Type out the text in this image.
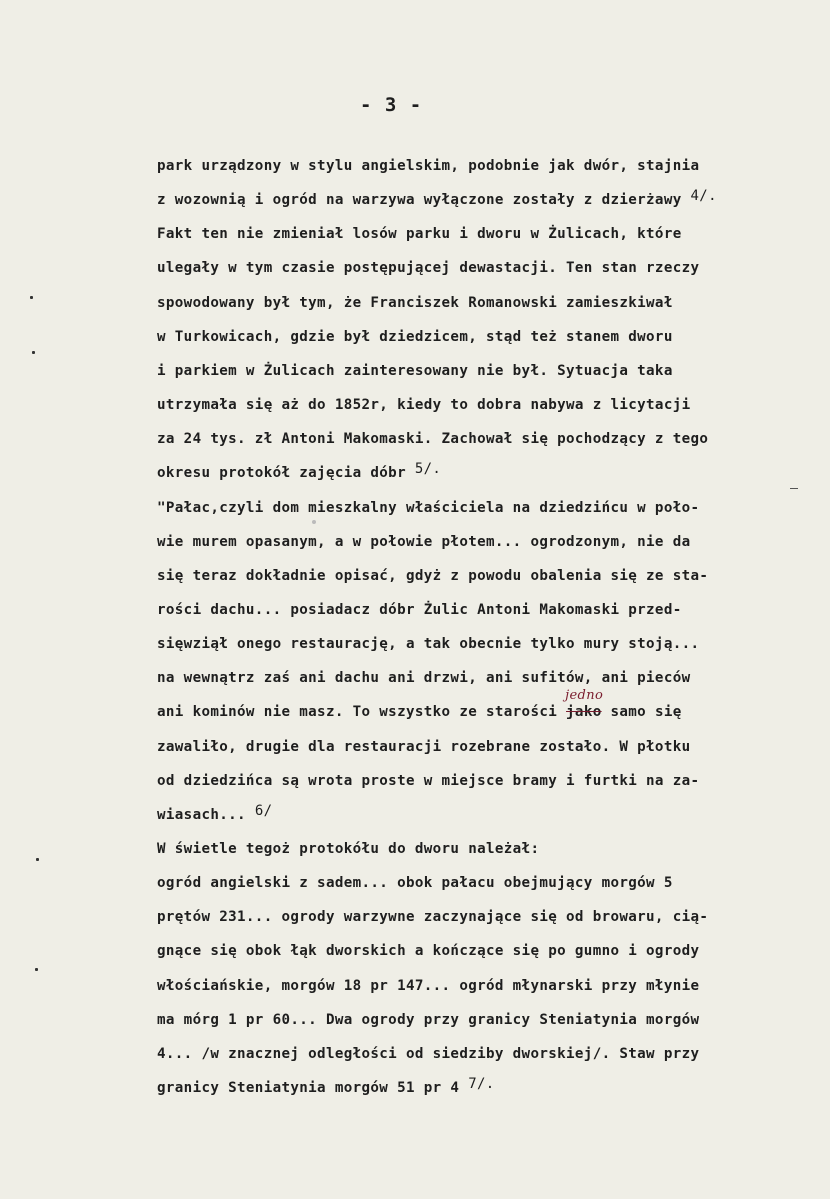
- 3 -
park urządzony w stylu angielskim, podobnie jak dwór, stajnia
z wozownią i ogród na warzywa wyłączone zostały z dzierżawy $^{4/.}$
Fakt ten nie zmieniał losów parku i dworu w Żulicach, które
ulegały w tym czasie postępującej dewastacji. Ten stan rzeczy
spowodowany był tym, że Franciszek Romanowski zamieszkiwał
w Turkowicach, gdzie był dziedzicem, stąd też stanem dworu
i parkiem w Żulicach zainteresowany nie był. Sytuacja taka
utrzymała się aż do 1852r, kiedy to dobra nabywa z licytacji
za 24 tys. zł Antoni Makomaski. Zachował się pochodzący z tego
okresu protokół zajęcia dóbr $^{5/.}$
"Pałac,czyli dom mieszkalny właściciela na dziedzińcu w poło-
wie murem opasanym, a w połowie płotem... ogrodzonym, nie da
się teraz dokładnie opisać, gdyż z powodu obalenia się ze sta-
rości dachu... posiadacz dóbr Żulic Antoni Makomaski przed-
sięwziął onego restaurację, a tak obecnie tylko mury stoją...
na wewnątrz zaś ani dachu ani drzwi, ani sufitów, ani pieców
ani kominów nie masz. To wszystko ze starości jako
jedno
samo się
zawaliło, drugie dla restauracji rozebrane zostało. W płotku
od dziedzińca są wrota proste w miejsce bramy i furtki na za-
wiasach... $^{6/}$
W świetle tegoż protokółu do dworu należał:
ogród angielski z sadem... obok pałacu obejmujący morgów 5
prętów 231... ogrody warzywne zaczynające się od browaru, cią-
gnące się obok łąk dworskich a kończące się po gumno i ogrody
włościańskie, morgów 18 pr 147... ogród młynarski przy młynie
ma mórg 1 pr 60... Dwa ogrody przy granicy Steniatynia morgów
4... /w znacznej odległości od siedziby dworskiej/. Staw przy
granicy Steniatynia morgów 51 pr 4 $^{7/.}$
